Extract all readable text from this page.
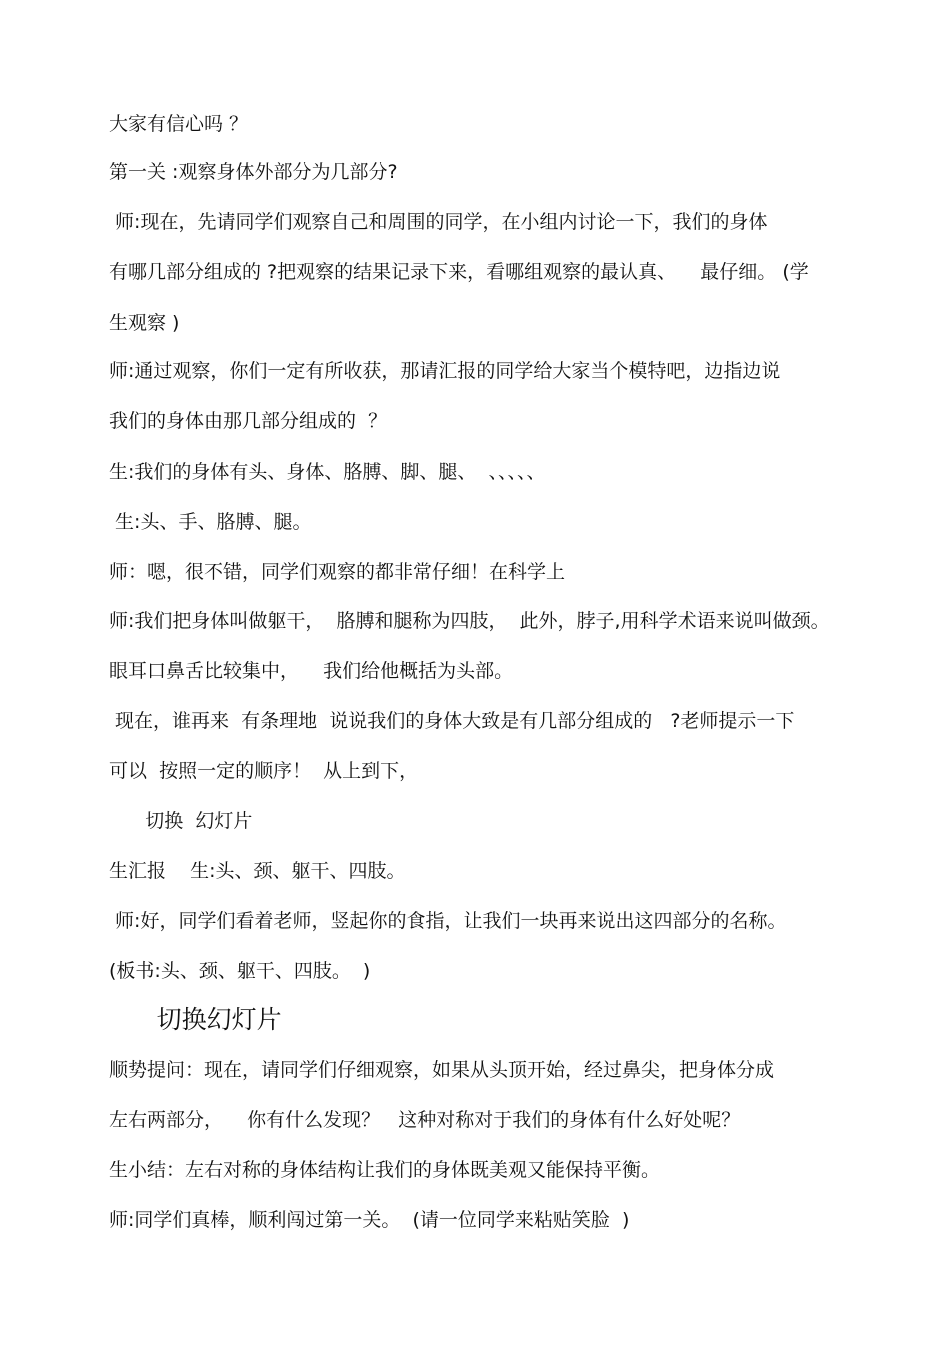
大家有信心吗 ？
第一关 :观察身体外部分为几部分?
师:现在，先请同学们观察自己和周围的同学，在小组内讨论一下，我们的身体
有哪几部分组成的 ?把观察的结果记录下来，看哪组观察的最认真、    最仔细。 (学
生观察 )
师:通过观察，你们一定有所收获，那请汇报的同学给大家当个模特吧，边指边说
我们的身体由那几部分组成的  ？
生:我们的身体有头、身体、胳膊、脚、腿、  、、、、、
生:头、手、胳膊、腿。
师：嗯，很不错，同学们观察的都非常仔细！在科学上
师:我们把身体叫做躯干，  胳膊和腿称为四肢，  此外，脖子,用科学术语来说叫做颈。
眼耳口鼻舌比较集中，    我们给他概括为头部。
现在，谁再来  有条理地  说说我们的身体大致是有几部分组成的   ?老师提示一下
可以  按照一定的顺序！  从上到下，
切换  幻灯片
生汇报    生:头、颈、躯干、四肢。
师:好，同学们看着老师，竖起你的食指，让我们一块再来说出这四部分的名称。
(板书:头、颈、躯干、四肢。  )
切换幻灯片
顺势提问：现在，请同学们仔细观察，如果从头顶开始，经过鼻尖，把身体分成
左右两部分，    你有什么发现？   这种对称对于我们的身体有什么好处呢？
生小结：左右对称的身体结构让我们的身体既美观又能保持平衡。
师:同学们真棒，顺利闯过第一关。  (请一位同学来粘贴笑脸  )
